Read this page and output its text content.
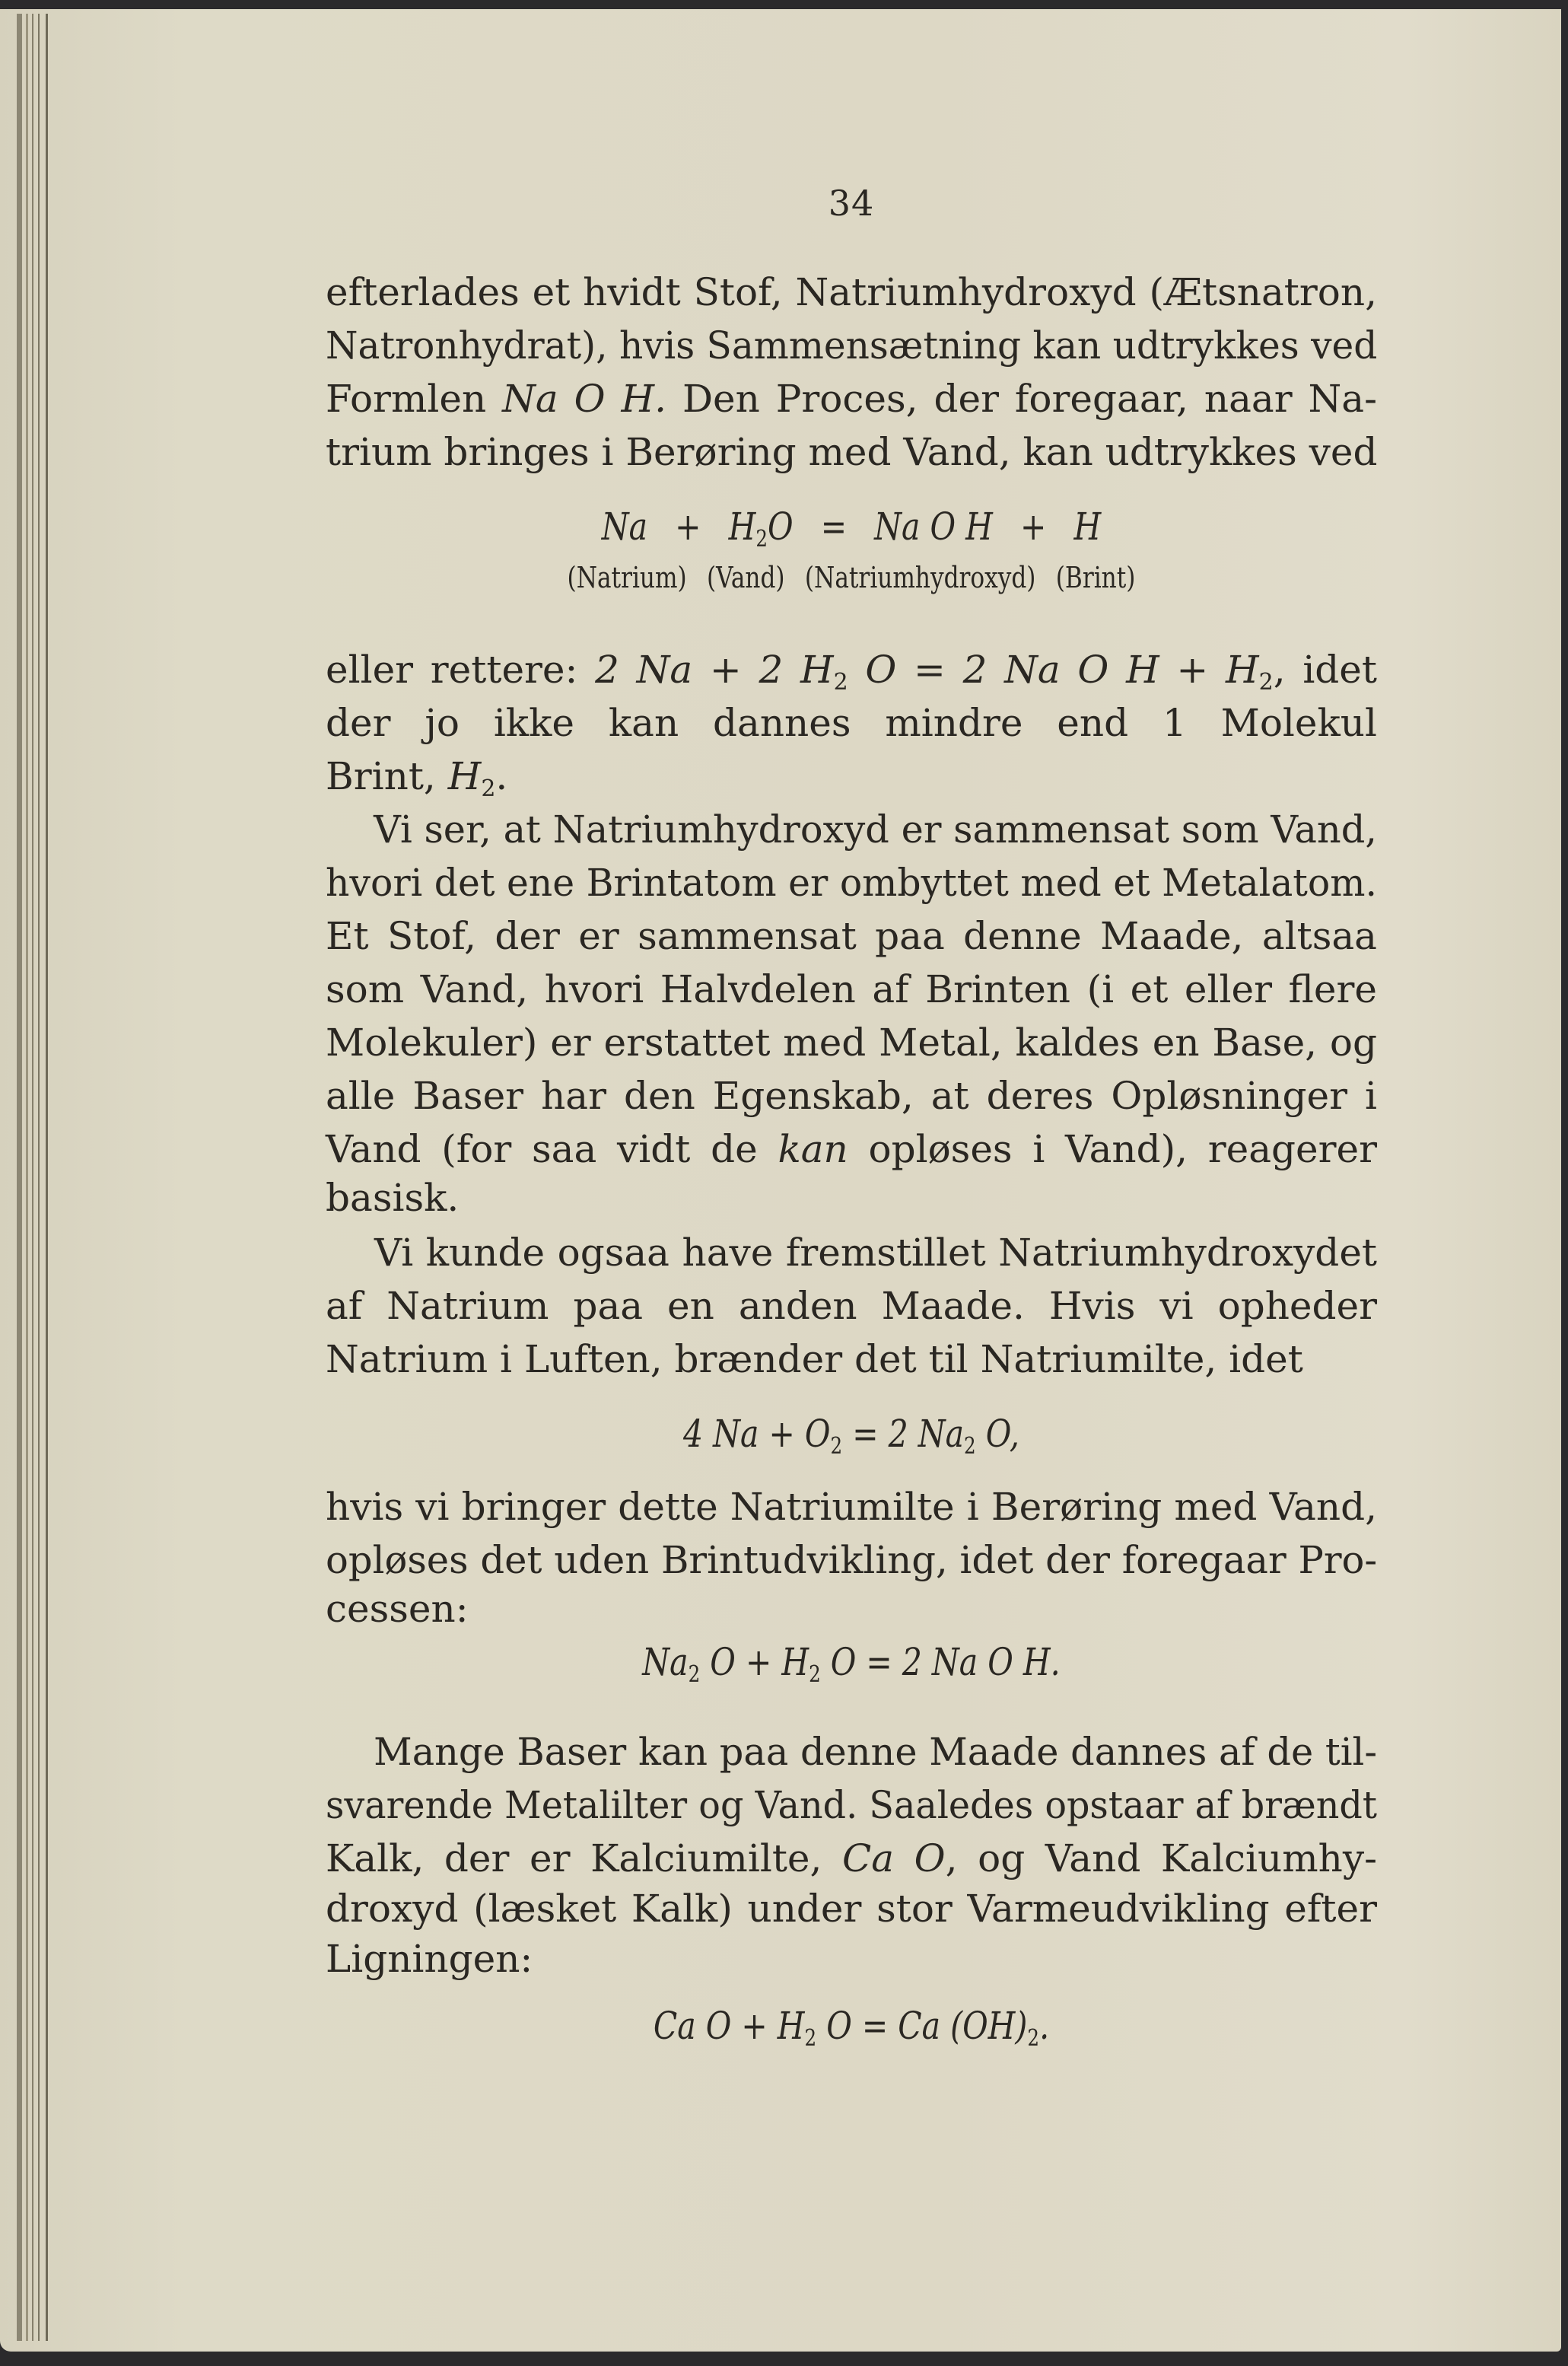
34
efterlades et hvidt Stof, Natriumhydroxyd (Ætsnatron,
Natronhydrat), hvis Sammensætning kan udtrykkes ved
Formlen Na O H. Den Proces, der foregaar, naar Na-
trium bringes i Berøring med Vand, kan udtrykkes ved
$Na + H_2O = Na$ O H + H
(Natrium) (Vand) (Natriumhydroxyd) (Brint)
eller rettere: 2 Na + 2 $H_2$ O = 2 Na O $H + H_2$, idet
der jo ikke kan dannes mindre end 1 Molekul
Brint, $H_2$.
Vi ser, at Natriumhydroxyd er sammensat som Vand,
hvori det ene Brintatom er ombyttet med et Metalatom.
Et Stof, der er sammensat paa denne Maade, altsaa
som Vand, hvori Halvdelen af Brinten (i et eller flere
Molekuler) er erstattet med Metal, kaldes en Base, og
alle Baser har den Egenskab, at deres Opløsninger i
Vand (for saa vidt de kan opløses i Vand), reagerer
basisk.
Vi kunde ogsaa have fremstillet Natriumhydroxydet
af Natrium paa en anden Maade. Hvis vi opheder
Natrium i Luften, brænder det til Natriumilte, idet
4 $Na + O_2 = 2$ $Na_2$ O,
hvis vi bringer dette Natriumilte i Berøring med Vand,
opløses det uden Brintudvikling, idet der foregaar Pro-
cessen:
$Na_2$ $O + H_2$ O = 2 Na O H.
Mange Baser kan paa denne Maade dannes af de til-
svarende Metalilter og Vand. Saaledes opstaar af brændt
Kalk, der er Kalciumilte, Ca O, og Vand Kalciumhy-
droxyd (læsket Kalk) under stor Varmeudvikling efter
Ligningen:
Ca $O + H_2$ O = Ca $(OH)_2$.
